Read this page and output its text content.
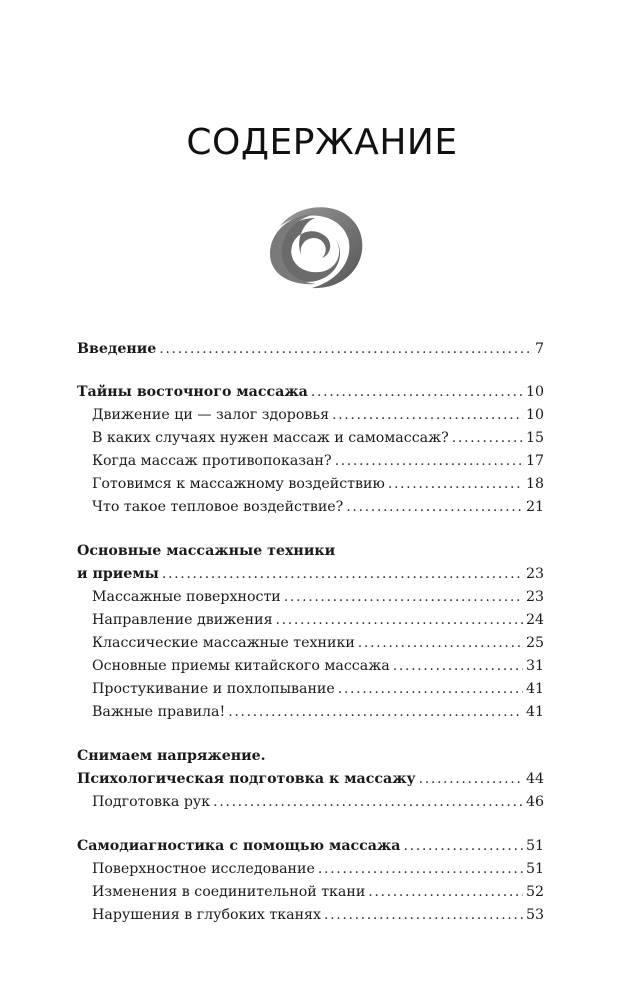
СОДЕРЖАНИЕ
Введение .....	7
Тайны восточного массажа .....	10
Движение ци — залог здоровья .....	10
В каких случаях нужен массаж и самомассаж? .....	15
Когда массаж противопоказан? .....	17
Готовимся к массажному воздействию .....	18
Что такое тепловое воздействие? .....	21
Основные массажные техники
и приемы .....	23
Массажные поверхности .....	23
Направление движения .....	24
Классические массажные техники .....	25
Основные приемы китайского массажа .....	31
Простукивание и похлопывание .....	41
Важные правила! .....	41
Снимаем напряжение.
Психологическая подготовка к массажу .....	44
Подготовка рук .....	46
Самодиагностика с помощью массажа .....	51
Поверхностное исследование .....	51
Изменения в соединительной ткани .....	52
Нарушения в глубоких тканях .....	53
